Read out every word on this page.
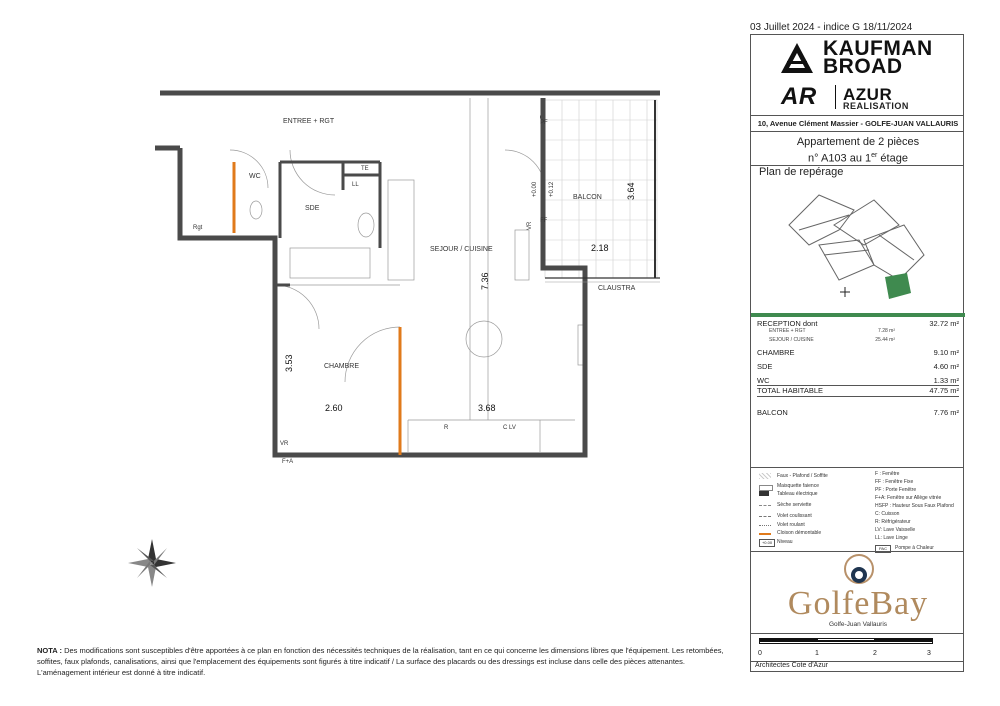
ENTREE + RGT
WC
SDE
SEJOUR / CUISINE
CHAMBRE
BALCON
CLAUSTRA
7.36
3.64
2.18
3.53
2.60	3.68
TE
LL
PF
FF
VR
VR
F+A
R	C LV
Rgt
+0.00 +0.12
03 Juillet 2024 - indice G 18/11/2024
KAUFMAN
BROAD
AR AZUR
REALISATION
10, Avenue Clément Massier - GOLFE-JUAN VALLAURIS
Appartement de 2 pièces
n° A103 au 1er étage
Plan de repérage
RECEPTION dont	32.72 m²
ENTREE + RGT	7.28 m²
SEJOUR / CUISINE	25.44 m²
CHAMBRE	9.10 m²
SDE	4.60 m²
WC	1.33 m²
TOTAL HABITABLE	47.75 m²
BALCON	7.76 m²
+0.00
Faux - Plafond / Soffite
Maisquette faience
Tableau électrique
Sèche serviette
Volet coulissant
Volet roulant
Cloison démontable
Niveau
F : Fenêtre
FF : Fenêtre Fixe
PF : Porte Fenêtre
F+A: Fenêtre sur Allège vitrée
HSFP : Hauteur Sous Faux Plafond
C: Cuisson
R: Réfrigérateur
LV: Lave Vaisselle
LL: Lave Linge
PAC	Pompe à Chaleur
GolfeBay
Golfe-Juan Vallauris
0	1	2	3
Architectes Cote d'Azur
NOTA : Des modifications sont susceptibles d'être apportées à ce plan en fonction des nécessités techniques de la réalisation, tant en ce qui concerne les dimensions libres que l'équipement. Les retombées, soffites, faux plafonds, canalisations, ainsi que l'emplacement des équipements sont figurés à titre indicatif / La surface des placards ou des dressings est incluse dans celle des pièces attenantes. L'aménagement intérieur est donné à titre indicatif.
